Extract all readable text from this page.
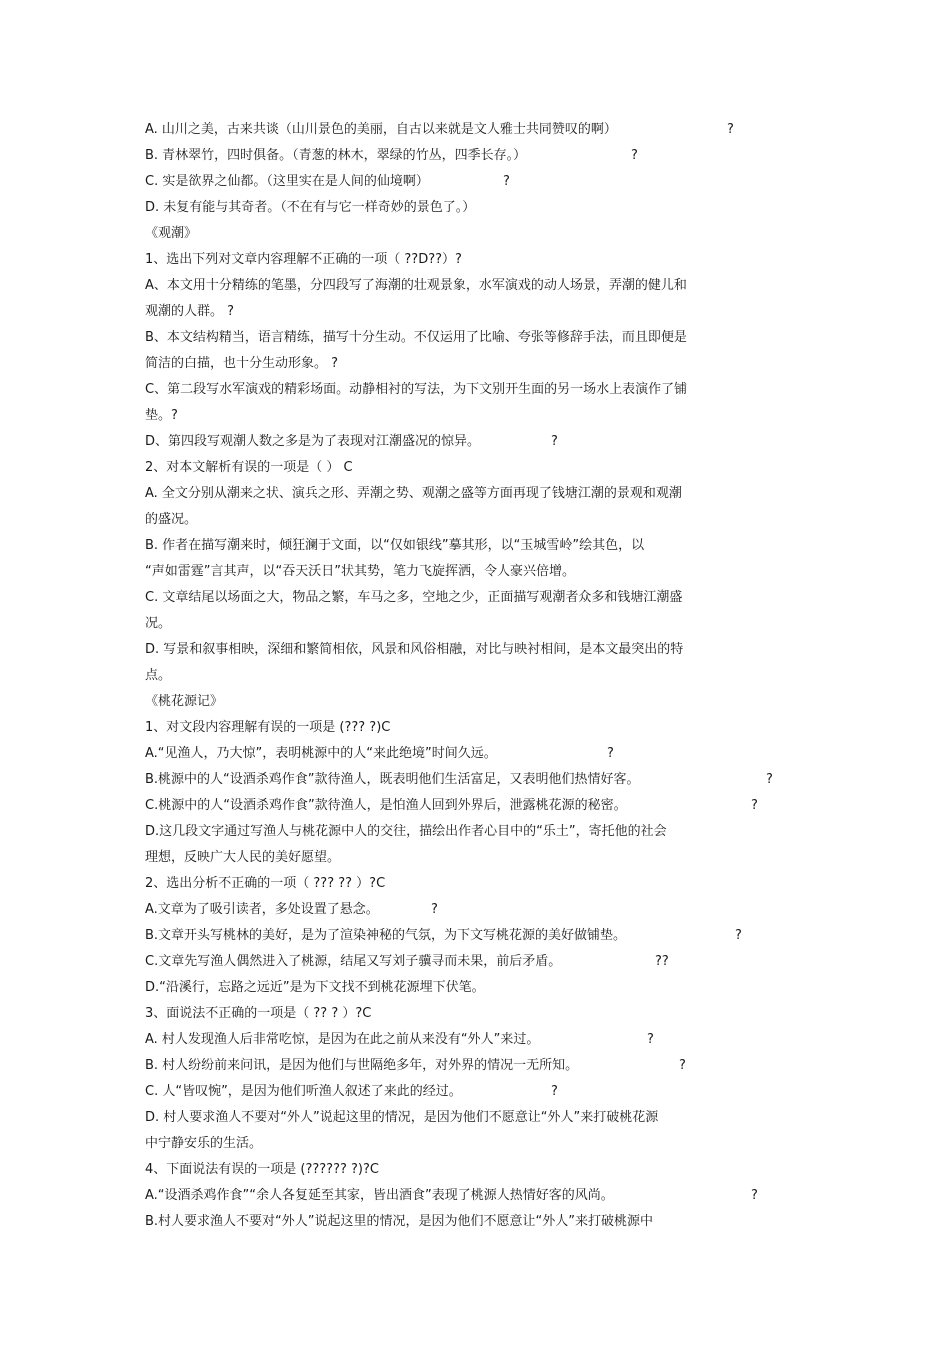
A. 山川之美，古来共谈（山川景色的美丽，自古以来就是文人雅士共同赞叹的啊）	?
B. 青林翠竹，四时俱备。（青葱的林木，翠绿的竹丛，四季长存。）	?
C. 实是欲界之仙都。（这里实在是人间的仙境啊）	?
D. 未复有能与其奇者。（不在有与它一样奇妙的景色了。）
《观潮》
1、选出下列对文章内容理解不正确的一项（ ??D??）?
A、本文用十分精练的笔墨，分四段写了海潮的壮观景象，水军演戏的动人场景，弄潮的健儿和
观潮的人群。 ?
B、本文结构精当，语言精练，描写十分生动。不仅运用了比喻、夸张等修辞手法，而且即便是
简洁的白描，也十分生动形象。 ?
C、第二段写水军演戏的精彩场面。动静相衬的写法，为下文别开生面的另一场水上表演作了铺
垫。?
D、第四段写观潮人数之多是为了表现对江潮盛况的惊异。	?
2、对本文解析有误的一项是（ ） C
A. 全文分别从潮来之状、演兵之形、弄潮之势、观潮之盛等方面再现了钱塘江潮的景观和观潮
的盛况。
B. 作者在描写潮来时，倾狂澜于文面，以“仅如银线”摹其形，以“玉城雪岭”绘其色，以
“声如雷霆”言其声，以“吞天沃日”状其势，笔力飞旋挥洒，令人豪兴倍增。
C. 文章结尾以场面之大，物品之繁，车马之多，空地之少，正面描写观潮者众多和钱塘江潮盛
况。
D. 写景和叙事相映，深细和繁简相依，风景和风俗相融，对比与映衬相间，是本文最突出的特
点。
《桃花源记》
1、对文段内容理解有误的一项是 (??? ?)C
A.“见渔人，乃大惊”，表明桃源中的人“来此绝境”时间久远。	?
B.桃源中的人“设酒杀鸡作食”款待渔人，既表明他们生活富足，又表明他们热情好客。	?
C.桃源中的人“设酒杀鸡作食”款待渔人，是怕渔人回到外界后，泄露桃花源的秘密。	?
D.这几段文字通过写渔人与桃花源中人的交往，描绘出作者心目中的“乐土”，寄托他的社会
理想，反映广大人民的美好愿望。
2、选出分析不正确的一项（ ??? ?? ）?C
A.文章为了吸引读者，多处设置了悬念。	?
B.文章开头写桃林的美好，是为了渲染神秘的气氛，为下文写桃花源的美好做铺垫。	?
C.文章先写渔人偶然进入了桃源，结尾又写刘子骥寻而未果，前后矛盾。	??
D.“沿溪行，忘路之远近”是为下文找不到桃花源埋下伏笔。
3、面说法不正确的一项是（ ?? ? ）?C
A. 村人发现渔人后非常吃惊，是因为在此之前从来没有“外人”来过。	?
B. 村人纷纷前来问讯，是因为他们与世隔绝多年，对外界的情况一无所知。	?
C. 人“皆叹惋”，是因为他们听渔人叙述了来此的经过。	?
D. 村人要求渔人不要对“外人”说起这里的情况，是因为他们不愿意让“外人”来打破桃花源
中宁静安乐的生活。
4、下面说法有误的一项是 (?????? ?)?C
A.“设酒杀鸡作食”“余人各复延至其家，皆出酒食”表现了桃源人热情好客的风尚。	?
B.村人要求渔人不要对“外人”说起这里的情况，是因为他们不愿意让“外人”来打破桃源中
